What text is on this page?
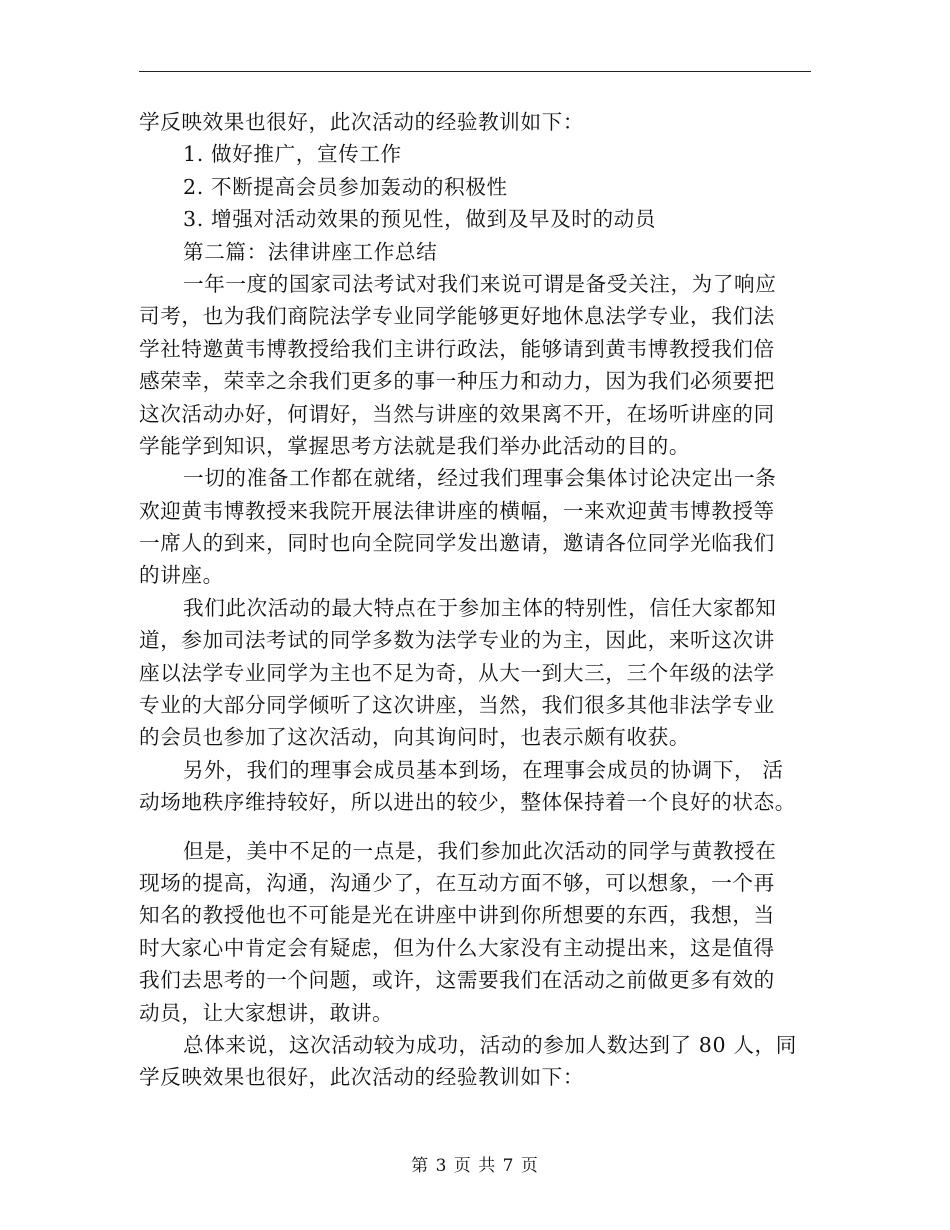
学反映效果也很好，此次活动的经验教训如下：
1. 做好推广，宣传工作
2. 不断提高会员参加轰动的积极性
3. 增强对活动效果的预见性，做到及早及时的动员
第二篇：法律讲座工作总结
一年一度的国家司法考试对我们来说可谓是备受关注，为了响应
司考，也为我们商院法学专业同学能够更好地休息法学专业，我们法
学社特邀黄韦博教授给我们主讲行政法，能够请到黄韦博教授我们倍
感荣幸，荣幸之余我们更多的事一种压力和动力，因为我们必须要把
这次活动办好，何谓好，当然与讲座的效果离不开，在场听讲座的同
学能学到知识，掌握思考方法就是我们举办此活动的目的。
一切的准备工作都在就绪，经过我们理事会集体讨论决定出一条
欢迎黄韦博教授来我院开展法律讲座的横幅，一来欢迎黄韦博教授等
一席人的到来，同时也向全院同学发出邀请，邀请各位同学光临我们
的讲座。
我们此次活动的最大特点在于参加主体的特别性，信任大家都知
道，参加司法考试的同学多数为法学专业的为主，因此，来听这次讲
座以法学专业同学为主也不足为奇，从大一到大三，三个年级的法学
专业的大部分同学倾听了这次讲座，当然，我们很多其他非法学专业
的会员也参加了这次活动，向其询问时，也表示颇有收获。
另外，我们的理事会成员基本到场，在理事会成员的协调下， 活
动场地秩序维持较好，所以进出的较少，整体保持着一个良好的状态。
但是，美中不足的一点是，我们参加此次活动的同学与黄教授在
现场的提高，沟通，沟通少了，在互动方面不够，可以想象，一个再
知名的教授他也不可能是光在讲座中讲到你所想要的东西，我想，当
时大家心中肯定会有疑虑，但为什么大家没有主动提出来，这是值得
我们去思考的一个问题，或许，这需要我们在活动之前做更多有效的
动员，让大家想讲，敢讲。
总体来说，这次活动较为成功，活动的参加人数达到了 80 人，同
学反映效果也很好，此次活动的经验教训如下：
第 3 页 共 7 页
